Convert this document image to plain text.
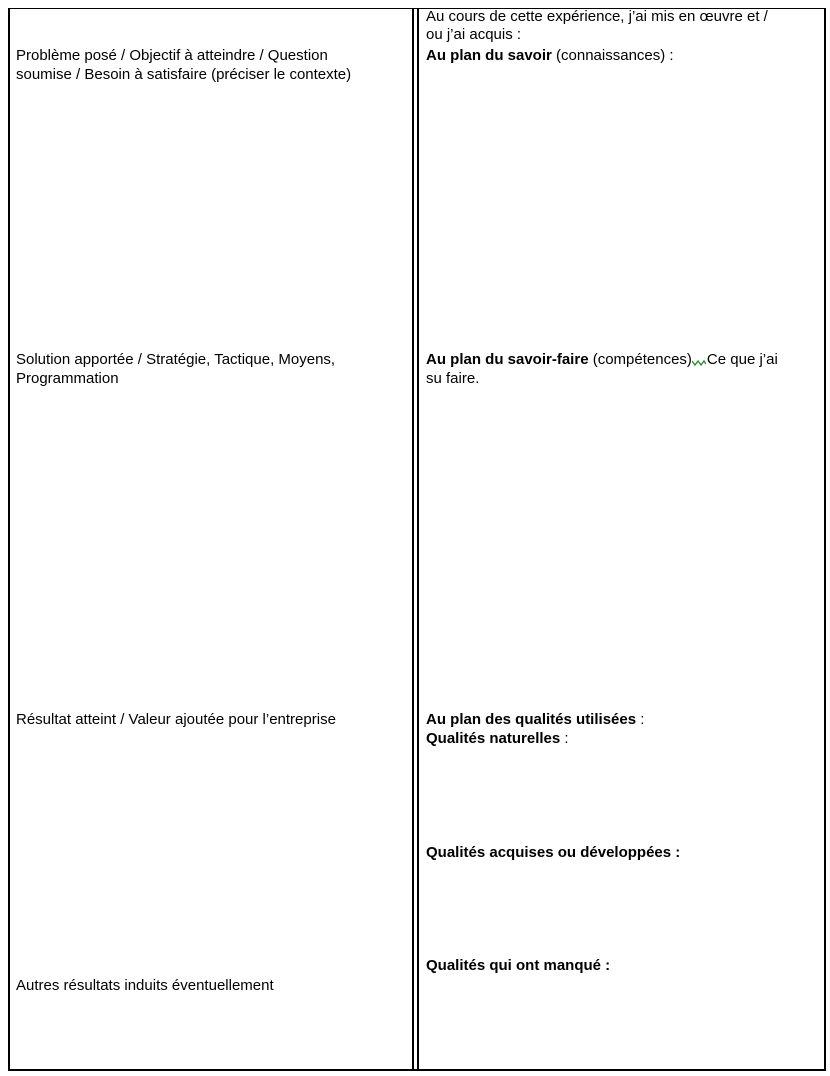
Problème posé / Objectif à atteindre / Question
soumise / Besoin à satisfaire (préciser le contexte)
Solution apportée / Stratégie, Tactique, Moyens,
Programmation
Résultat atteint / Valeur ajoutée pour l’entreprise
Autres résultats induits éventuellement
Au cours de cette expérience, j’ai mis en œuvre et /
ou j’ai acquis :
Au plan du savoir (connaissances) :
Au plan du savoir-faire (compétences) Ce que j’ai
su faire.
Au plan des qualités utilisées :
Qualités naturelles :
Qualités acquises ou développées :
Qualités qui ont manqué :
